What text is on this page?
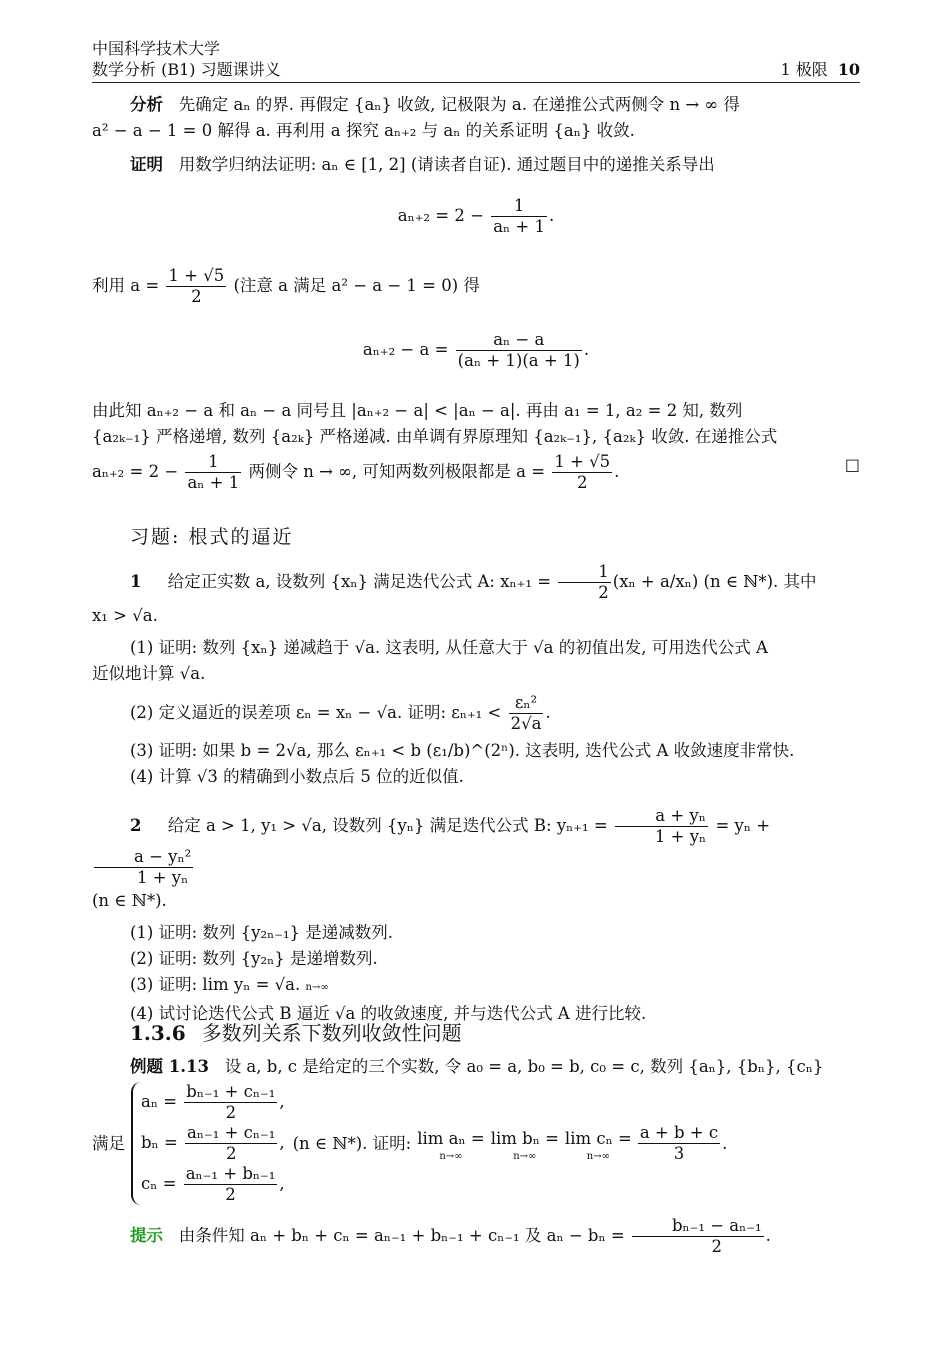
中国科学技术大学
数学分析 (B1) 习题课讲义	1 极限 10
分析 先确定 aₙ 的界. 再假定 {aₙ} 收敛, 记极限为 a. 在递推公式两侧令 n → ∞ 得
a² − a − 1 = 0 解得 a. 再利用 a 探究 aₙ₊₂ 与 aₙ 的关系证明 {aₙ} 收敛.
证明 用数学归纳法证明: aₙ ∈ [1, 2] (请读者自证). 通过题目中的递推关系导出
$a_{n+2} = 2 - \frac{1}{\text{aₙ + 1}}$ .
利用 $a = \frac{1 + √5}{2}$ (注意 a 满足 a² − a − 1 = 0) 得
$a_{n+2} - a = \frac{\text{aₙ − a}}{\text{(aₙ + 1)(a + 1)}}$ .
由此知 aₙ₊₂ − a 和 aₙ − a 同号且 |aₙ₊₂ − a| < |aₙ − a|. 再由 a₁ = 1, a₂ = 2 知, 数列
{a₂ₖ₋₁} 严格递增, 数列 {a₂ₖ} 严格递减. 由单调有界原理知 {a₂ₖ₋₁}, {a₂ₖ} 收敛. 在递推公式
$a_{n+2} = 2 - \frac{1}{\text{aₙ + 1}}$ 两侧令 n → ∞, 可知两数列极限都是 $a = \frac{1 + √5}{2}$ .	□
习题: 根式的逼近
1 给定正实数 a, 设数列 {xₙ} 满足迭代公式 A: $x_{n+1} = \frac{1}{2} (x_n + a/x_n)$ (n ∈ ℕ*). 其中
x₁ > √a.
(1) 证明: 数列 {xₙ} 递减趋于 √a. 这表明, 从任意大于 √a 的初值出发, 可用迭代公式 A
近似地计算 √a.
(2) 定义逼近的误差项 εₙ = xₙ − √a. 证明: $\varepsilon_{n+1} < \frac{\text{εₙ²}}{2√a}$ .
(3) 证明: 如果 b = 2√a, 那么 εₙ₊₁ < b (ε₁/b)^(2ⁿ). 这表明, 迭代公式 A 收敛速度非常快.
(4) 计算 √3 的精确到小数点后 5 位的近似值.
2 给定 a > 1, y₁ > √a, 设数列 {yₙ} 满足迭代公式 B: $y_{n+1} = \frac{\text{a + yₙ}}{\text{1 + yₙ}} = y_n$ +
$\frac{\text{a − yₙ²}}{\text{1 + yₙ}}$
(n ∈ ℕ*).
(1) 证明: 数列 {y₂ₙ₋₁} 是递减数列.
(2) 证明: 数列 {y₂ₙ} 是递增数列.
(3) 证明: lim yₙ = √a. n→∞
(4) 试讨论迭代公式 B 逼近 √a 的收敛速度, 并与迭代公式 A 进行比较.
1.3.6 多数列关系下数列收敛性问题
例题 1.13 设 a, b, c 是给定的三个实数, 令 a₀ = a, b₀ = b, c₀ = c, 数列 {aₙ}, {bₙ}, {cₙ}
满足
$a_n = \frac{\text{bₙ₋₁ + cₙ₋₁}}{2}$ ,
$b_n = \frac{\text{aₙ₋₁ + cₙ₋₁}}{2}$ ,
$c_n = \frac{\text{aₙ₋₁ + bₙ₋₁}}{2}$ ,
(n ∈ ℕ*). 证明: lim aₙ =
n→∞
lim bₙ =
n→∞
lim cₙ =
$n\to\infty \frac{a + b + c}{3}$ .
提示 由条件知 aₙ + bₙ + cₙ = aₙ₋₁ + bₙ₋₁ + cₙ₋₁ 及 $a_n - b_n = \frac{\text{bₙ₋₁ − aₙ₋₁}}{2}$ .
